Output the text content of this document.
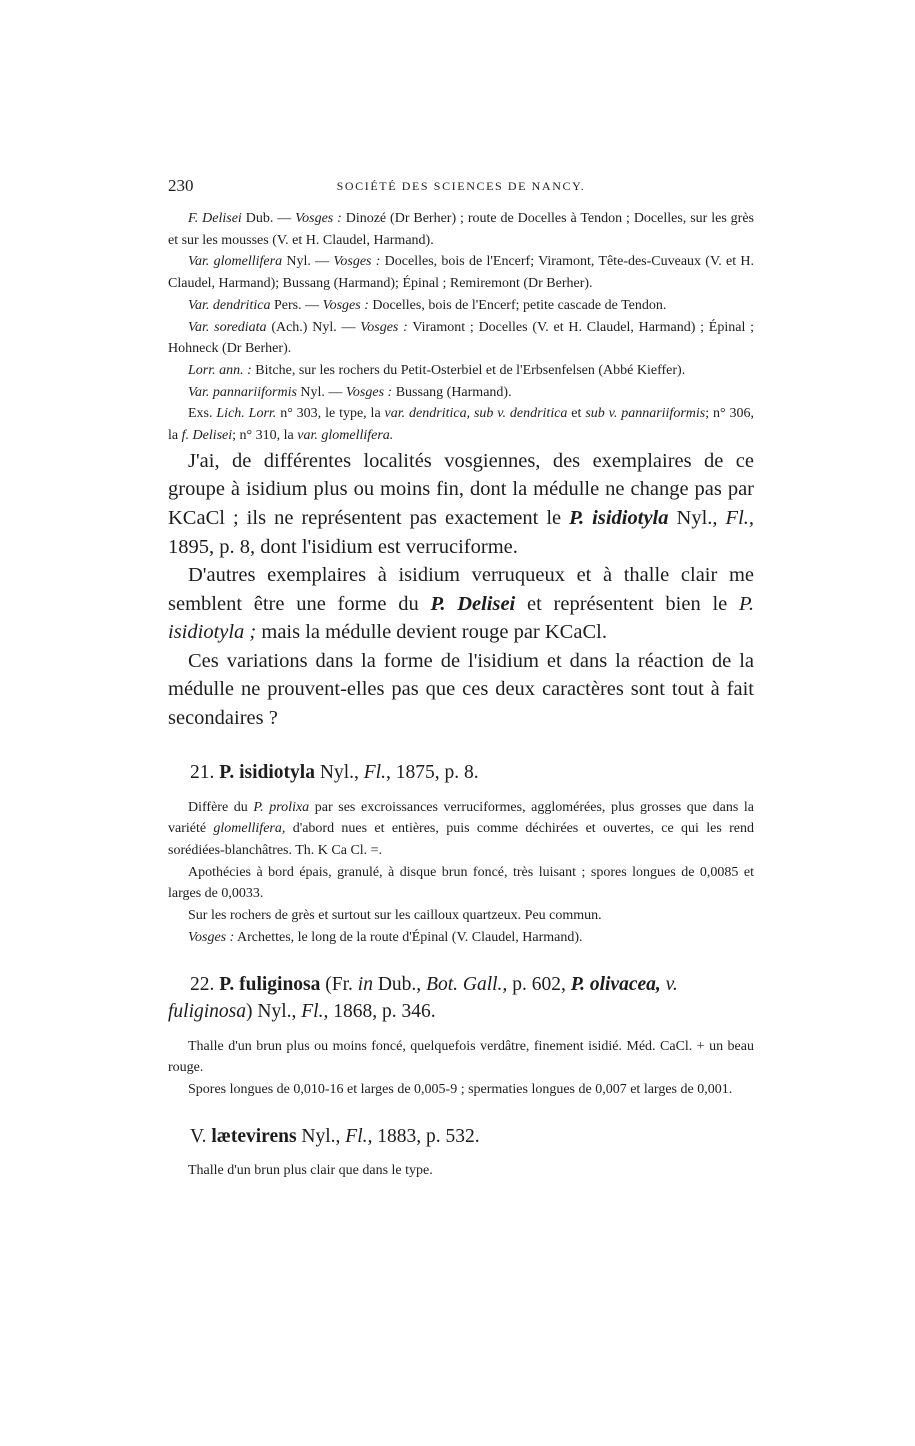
230	SOCIÉTÉ DES SCIENCES DE NANCY.

F. Delisei Dub. — Vosges : Dinozé (Dr Berher) ; route de Docelles à Tendon ; Docelles, sur les grès et sur les mousses (V. et H. Claudel, Harmand).

Var. glomellifera Nyl. — Vosges : Docelles, bois de l'Encerf; Viramont, Tête-des-Cuveaux (V. et H. Claudel, Harmand); Bussang (Harmand); Épinal ; Remiremont (Dr Berher).

Var. dendritica Pers. — Vosges : Docelles, bois de l'Encerf; petite cascade de Tendon.

Var. sorediata (Ach.) Nyl. — Vosges : Viramont ; Docelles (V. et H. Claudel, Harmand) ; Épinal ; Hohneck (Dr Berher).

Lorr. ann. : Bitche, sur les rochers du Petit-Osterbiel et de l'Erbsenfelsen (Abbé Kieffer).

Var. pannariiformis Nyl. — Vosges : Bussang (Harmand).

Exs. Lich. Lorr. n° 303, le type, la var. dendritica, sub v. dendritica et sub v. pannariiformis; n° 306, la f. Delisei; n° 310, la var. glomellifera.

J'ai, de différentes localités vosgiennes, des exemplaires de ce groupe à isidium plus ou moins fin, dont la médulle ne change pas par KCaCl ; ils ne représentent pas exactement le P. isidiotyla Nyl., Fl., 1895, p. 8, dont l'isidium est verruciforme.

D'autres exemplaires à isidium verruqueux et à thalle clair me semblent être une forme du P. Delisei et représentent bien le P. isidiotyla ; mais la médulle devient rouge par KCaCl.

Ces variations dans la forme de l'isidium et dans la réaction de la médulle ne prouvent-elles pas que ces deux caractères sont tout à fait secondaires ?

21. P. isidiotyla Nyl., Fl., 1875, p. 8.

Diffère du P. prolixa par ses excroissances verruciformes, agglomérées, plus grosses que dans la variété glomellifera, d'abord nues et entières, puis comme déchirées et ouvertes, ce qui les rend sorédiées-blanchâtres. Th. K Ca Cl. =.

Apothécies à bord épais, granulé, à disque brun foncé, très luisant ; spores longues de 0,0085 et larges de 0,0033.

Sur les rochers de grès et surtout sur les cailloux quartzeux. Peu commun.

Vosges : Archettes, le long de la route d'Épinal (V. Claudel, Harmand).

22. P. fuliginosa (Fr. in Dub., Bot. Gall., p. 602, P. olivacea, v. fuliginosa) Nyl., Fl., 1868, p. 346.

Thalle d'un brun plus ou moins foncé, quelquefois verdâtre, finement isidié. Méd. CaCl. + un beau rouge.

Spores longues de 0,010-16 et larges de 0,005-9 ; spermaties longues de 0,007 et larges de 0,001.

V. lætevirens Nyl., Fl., 1883, p. 532.

Thalle d'un brun plus clair que dans le type.
